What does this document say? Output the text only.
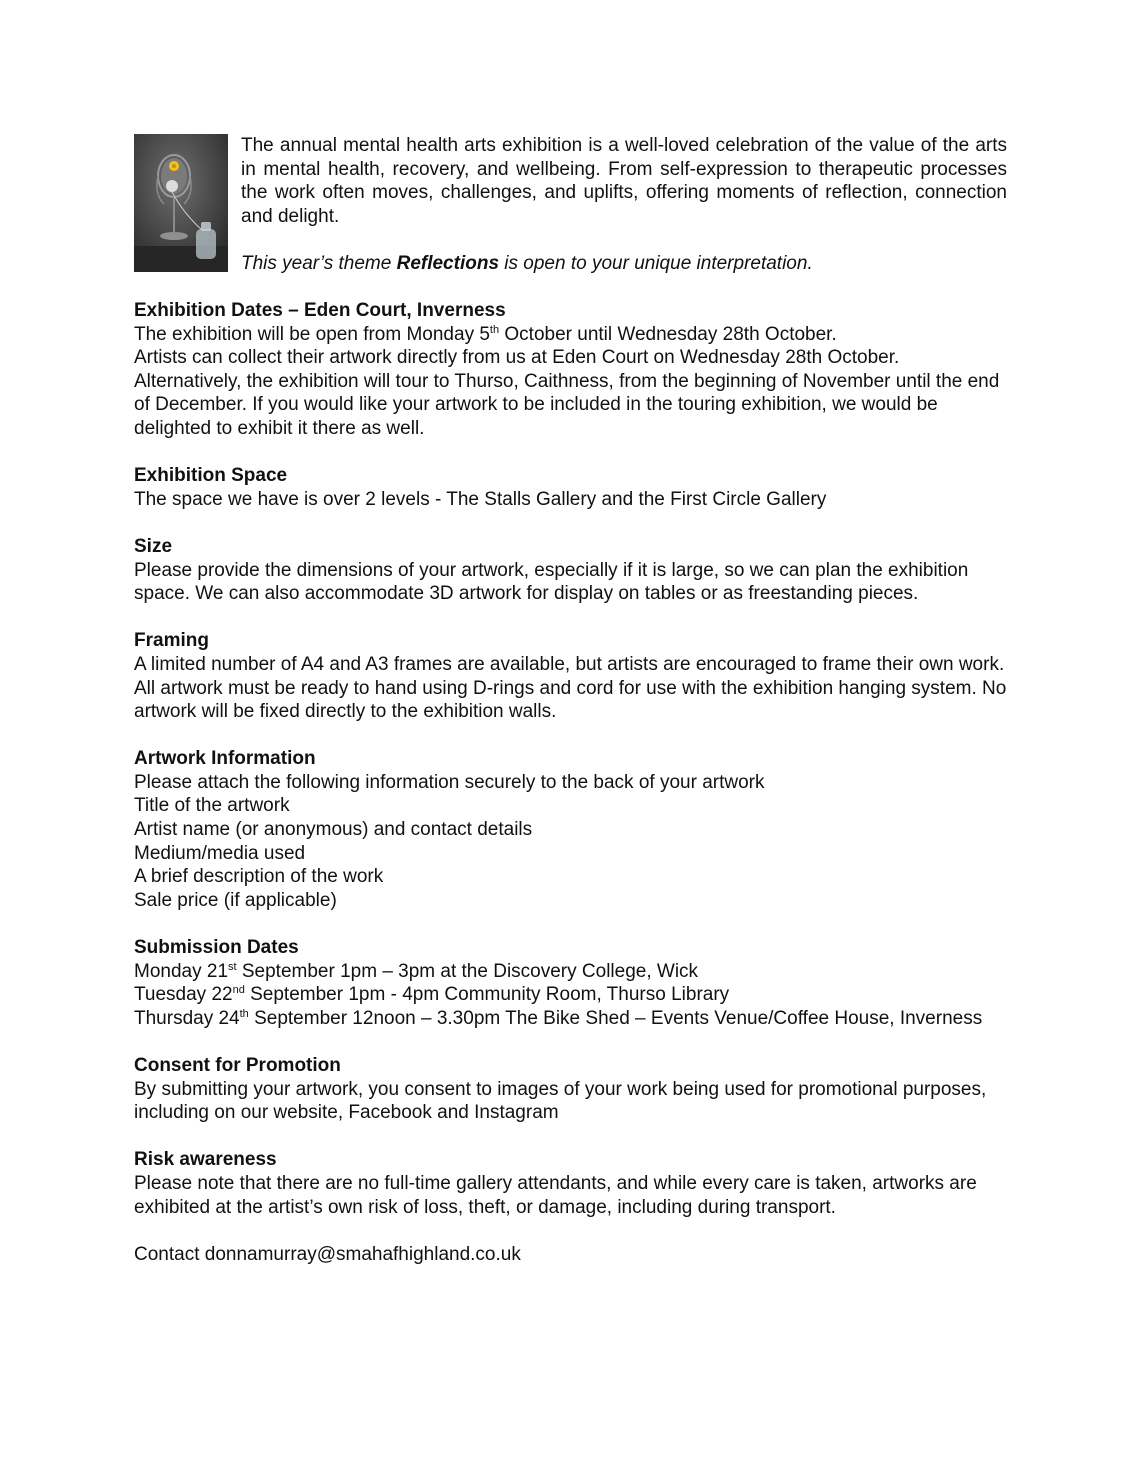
The annual mental health arts exhibition is a well-loved celebration of the value of the arts in mental health, recovery, and wellbeing. From self-expression to therapeutic processes the work often moves, challenges, and uplifts, offering moments of reflection, connection and delight.

This year’s theme Reflections is open to your unique interpretation.

Exhibition Dates – Eden Court, Inverness

The exhibition will be open from Monday 5th October until Wednesday 28th October.

Artists can collect their artwork directly from us at Eden Court on Wednesday 28th October.

Alternatively, the exhibition will tour to Thurso, Caithness, from the beginning of November until the end of December. If you would like your artwork to be included in the touring exhibition, we would be delighted to exhibit it there as well.

Exhibition Space

The space we have is over 2 levels - The Stalls Gallery and the First Circle Gallery

Size

Please provide the dimensions of your artwork, especially if it is large, so we can plan the exhibition space. We can also accommodate 3D artwork for display on tables or as freestanding pieces.

Framing

A limited number of A4 and A3 frames are available, but artists are encouraged to frame their own work. All artwork must be ready to hand using D-rings and cord for use with the exhibition hanging system. No artwork will be fixed directly to the exhibition walls.

Artwork Information
Please attach the following information securely to the back of your artwork
Title of the artwork
Artist name (or anonymous) and contact details
Medium/media used
A brief description of the work
Sale price (if applicable)
Submission Dates
Monday 21st September 1pm – 3pm at the Discovery College, Wick
Tuesday 22nd September 1pm - 4pm Community Room, Thurso Library
Thursday 24th September 12noon – 3.30pm The Bike Shed – Events Venue/Coffee House, Inverness
Consent for Promotion

By submitting your artwork, you consent to images of your work being used for promotional purposes, including on our website, Facebook and Instagram

Risk awareness

Please note that there are no full-time gallery attendants, and while every care is taken, artworks are exhibited at the artist’s own risk of loss, theft, or damage, including during transport.

Contact donnamurray@smahafhighland.co.uk
